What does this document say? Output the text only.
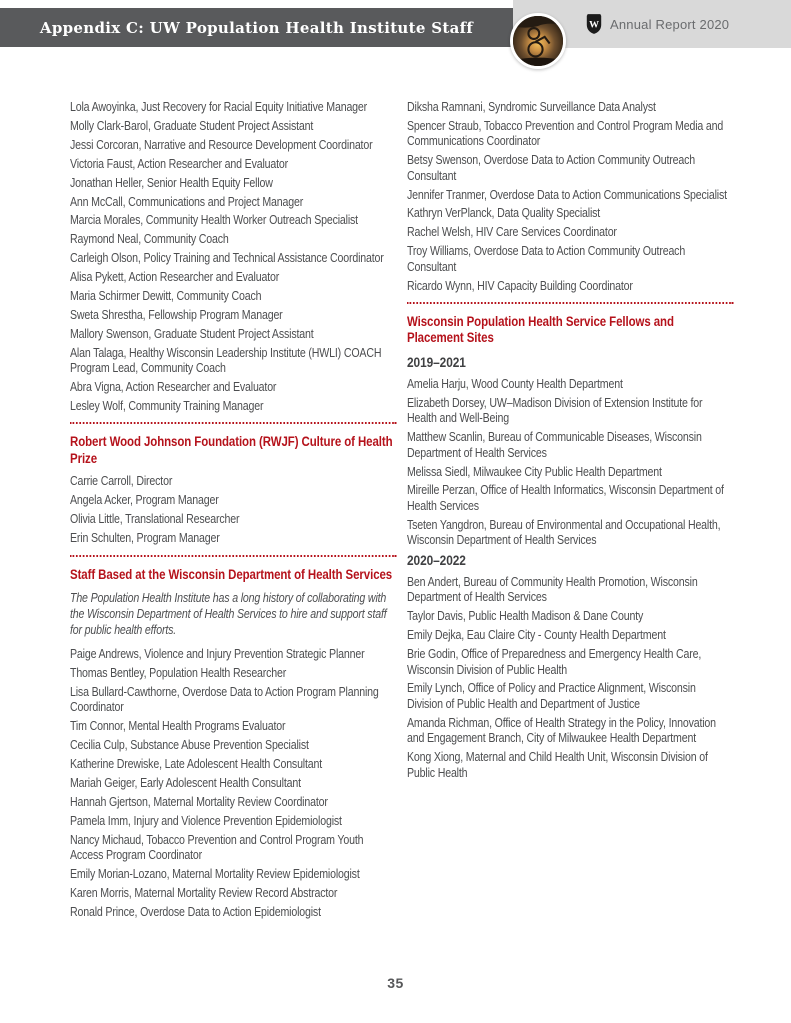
Appendix C: UW Population Health Institute Staff	W Annual Report 2020

Lola Awoyinka, Just Recovery for Racial Equity Initiative Manager

Molly Clark-Barol, Graduate Student Project Assistant

Jessi Corcoran, Narrative and Resource Development Coordinator

Victoria Faust, Action Researcher and Evaluator

Jonathan Heller, Senior Health Equity Fellow

Ann McCall, Communications and Project Manager

Marcia Morales, Community Health Worker Outreach Specialist

Raymond Neal, Community Coach

Carleigh Olson, Policy Training and Technical Assistance Coordinator

Alisa Pykett, Action Researcher and Evaluator

Maria Schirmer Dewitt, Community Coach

Sweta Shrestha, Fellowship Program Manager

Mallory Swenson, Graduate Student Project Assistant

Alan Talaga, Healthy Wisconsin Leadership Institute (HWLI) COACH Program Lead, Community Coach

Abra Vigna, Action Researcher and Evaluator

Lesley Wolf, Community Training Manager

Robert Wood Johnson Foundation (RWJF) Culture of Health Prize

Carrie Carroll, Director

Angela Acker, Program Manager

Olivia Little, Translational Researcher

Erin Schulten, Program Manager

Staff Based at the Wisconsin Department of Health Services

The Population Health Institute has a long history of collaborating with the Wisconsin Department of Health Services to hire and support staff for public health efforts.

Paige Andrews, Violence and Injury Prevention Strategic Planner

Thomas Bentley, Population Health Researcher

Lisa Bullard-Cawthorne, Overdose Data to Action Program Planning Coordinator

Tim Connor, Mental Health Programs Evaluator

Cecilia Culp, Substance Abuse Prevention Specialist

Katherine Drewiske, Late Adolescent Health Consultant

Mariah Geiger, Early Adolescent Health Consultant

Hannah Gjertson, Maternal Mortality Review Coordinator

Pamela Imm, Injury and Violence Prevention Epidemiologist

Nancy Michaud, Tobacco Prevention and Control Program Youth Access Program Coordinator

Emily Morian-Lozano, Maternal Mortality Review Epidemiologist

Karen Morris, Maternal Mortality Review Record Abstractor

Ronald Prince, Overdose Data to Action Epidemiologist

Diksha Ramnani, Syndromic Surveillance Data Analyst

Spencer Straub, Tobacco Prevention and Control Program Media and Communications Coordinator

Betsy Swenson, Overdose Data to Action Community Outreach Consultant

Jennifer Tranmer, Overdose Data to Action Communications Specialist

Kathryn VerPlanck, Data Quality Specialist

Rachel Welsh, HIV Care Services Coordinator

Troy Williams, Overdose Data to Action Community Outreach Consultant

Ricardo Wynn, HIV Capacity Building Coordinator

Wisconsin Population Health Service Fellows and Placement Sites
2019–2021

Amelia Harju, Wood County Health Department

Elizabeth Dorsey, UW–Madison Division of Extension Institute for Health and Well-Being

Matthew Scanlin, Bureau of Communicable Diseases, Wisconsin Department of Health Services

Melissa Siedl, Milwaukee City Public Health Department

Mireille Perzan, Office of Health Informatics, Wisconsin Department of Health Services

Tseten Yangdron, Bureau of Environmental and Occupational Health, Wisconsin Department of Health Services

2020–2022

Ben Andert, Bureau of Community Health Promotion, Wisconsin Department of Health Services

Taylor Davis, Public Health Madison & Dane County

Emily Dejka, Eau Claire City - County Health Department

Brie Godin, Office of Preparedness and Emergency Health Care, Wisconsin Division of Public Health

Emily Lynch, Office of Policy and Practice Alignment, Wisconsin Division of Public Health and Department of Justice

Amanda Richman, Office of Health Strategy in the Policy, Innovation and Engagement Branch, City of Milwaukee Health Department

Kong Xiong, Maternal and Child Health Unit, Wisconsin Division of Public Health

35
